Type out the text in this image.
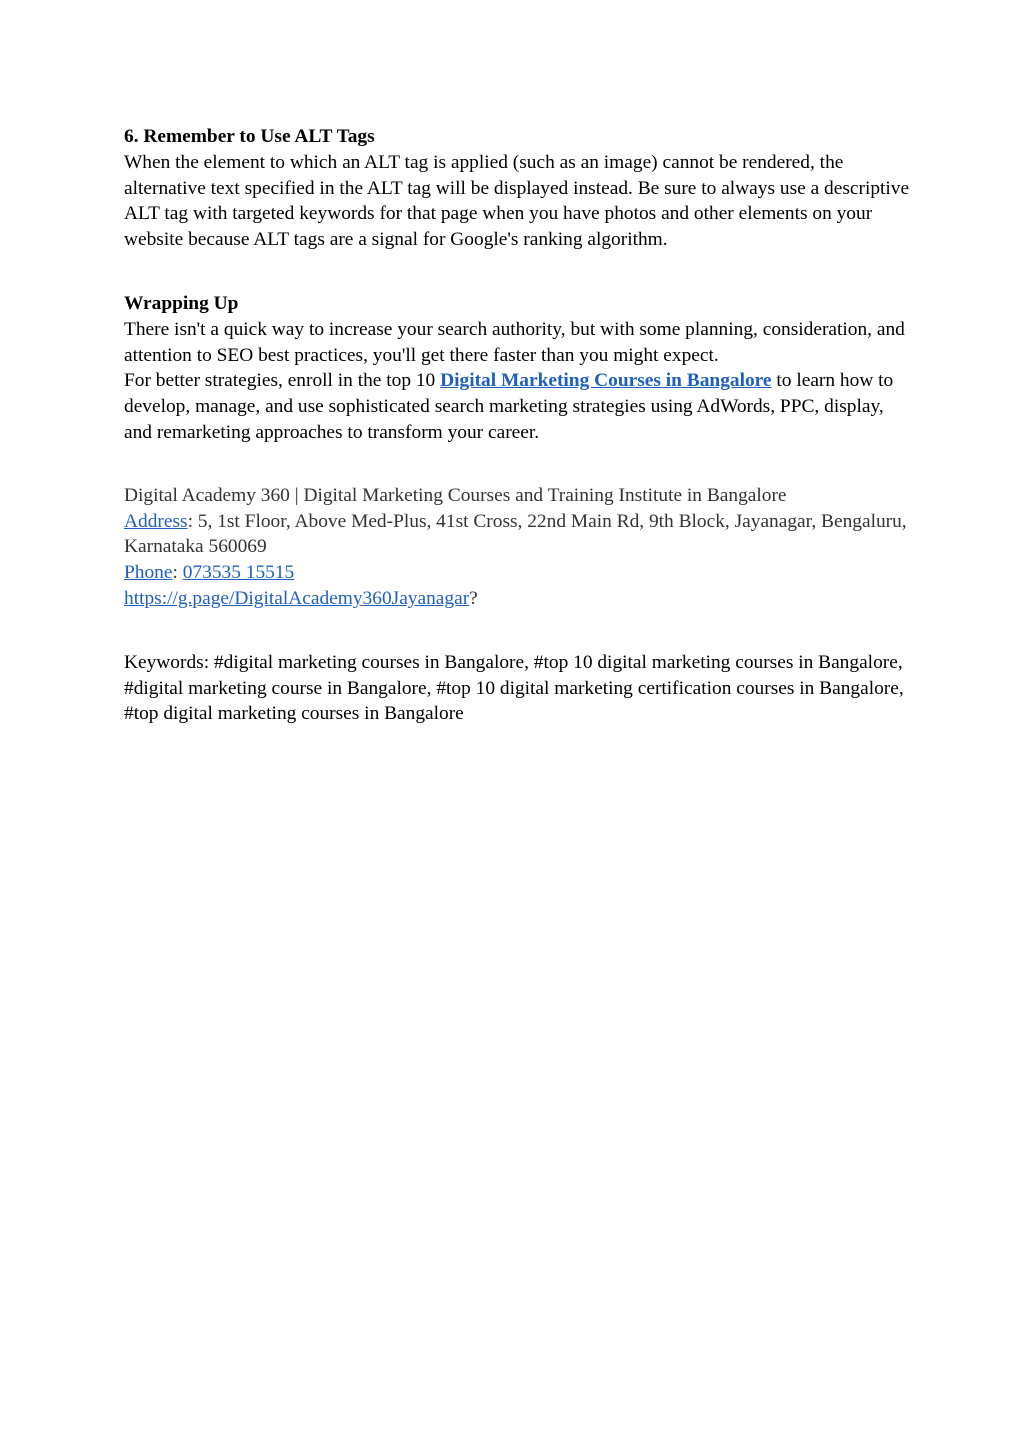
6. Remember to Use ALT Tags

When the element to which an ALT tag is applied (such as an image) cannot be rendered, the alternative text specified in the ALT tag will be displayed instead. Be sure to always use a descriptive ALT tag with targeted keywords for that page when you have photos and other elements on your website because ALT tags are a signal for Google's ranking algorithm.

Wrapping Up

There isn't a quick way to increase your search authority, but with some planning, consideration, and attention to SEO best practices, you'll get there faster than you might expect.

For better strategies, enroll in the top 10 Digital Marketing Courses in Bangalore to learn how to develop, manage, and use sophisticated search marketing strategies using AdWords, PPC, display, and remarketing approaches to transform your career.

Digital Academy 360 | Digital Marketing Courses and Training Institute in Bangalore

Address: 5, 1st Floor, Above Med-Plus, 41st Cross, 22nd Main Rd, 9th Block, Jayanagar, Bengaluru, Karnataka 560069

Phone: 073535 15515

https://g.page/DigitalAcademy360Jayanagar?

Keywords: #digital marketing courses in Bangalore, #top 10 digital marketing courses in Bangalore, #digital marketing course in Bangalore, #top 10 digital marketing certification courses in Bangalore, #top digital marketing courses in Bangalore
